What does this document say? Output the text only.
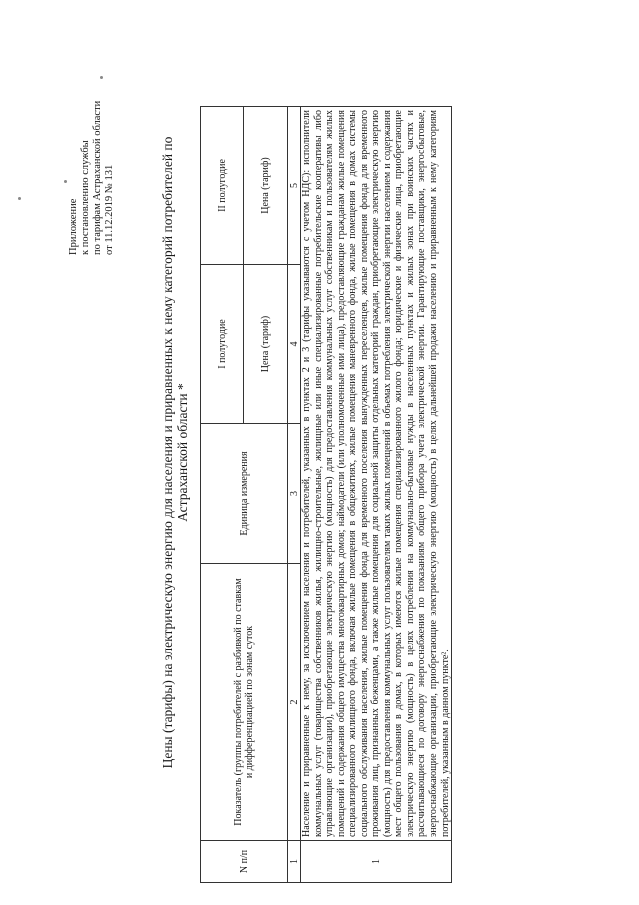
Приложение к постановлению службы по тарифам Астраханской области от 11.12.2019 № 131	Цены (тарифы) на электрическую энергию для населения и приравненных к нему категорий потребителей по Астраханской области *
N п/п	Показатель (группы потребителей с разбивкой по ставкам и дифференциацией по зонам суток	Единица измерения	I полугодие	II полугодие
			Цена (тариф)	Цена (тариф)
1	2	3	4	5
1	Население и приравненные к нему, за исключением населения и потребителей, указанных в пунктах 2 и 3 (тарифы указываются с учетом НДС): исполнители коммунальных услуг (товарищества собственников жилья, жилищно-строительные, жилищные или иные специализированные потребительские кооперативы либо управляющие организации), приобретающие электрическую энергию (мощность) для предоставления коммунальных услуг собственникам и пользователям жилых помещений и содержания общего имущества многоквартирных домов; наймодатели (или уполномоченные ими лица), предоставляющие гражданам жилые помещения специализированного жилищного фонда, включая жилые помещения в общежитиях, жилые помещения маневренного фонда, жилые помещения в домах системы социального обслуживания населения, жилые помещения фонда для временного поселения вынужденных переселенцев, жилые помещения фонда для временного проживания лиц, признанных беженцами, а также жилые помещения для социальной защиты отдельных категорий граждан, приобретающие электрическую энергию (мощность) для предоставления коммунальных услуг пользователям таких жилых помещений в объемах потребления электрической энергии населением и содержания мест общего пользования в домах, в которых имеются жилые помещения специализированного жилого фонда; юридические и физические лица, приобретающие электрическую энергию (мощность) в целях потребления на коммунально-бытовые нужды в населенных пунктах и жилых зонах при воинских частях и рассчитывающиеся по договору энергоснабжения по показаниям общего прибора учета электрической энергии. Гарантирующие поставщики, энергосбытовые, энергоснабжающие организации, приобретающие электрическую энергию (мощность) в целях дальнейшей продажи населению и приравненным к нему категориям потребителей, указанным в данном пункте².			
